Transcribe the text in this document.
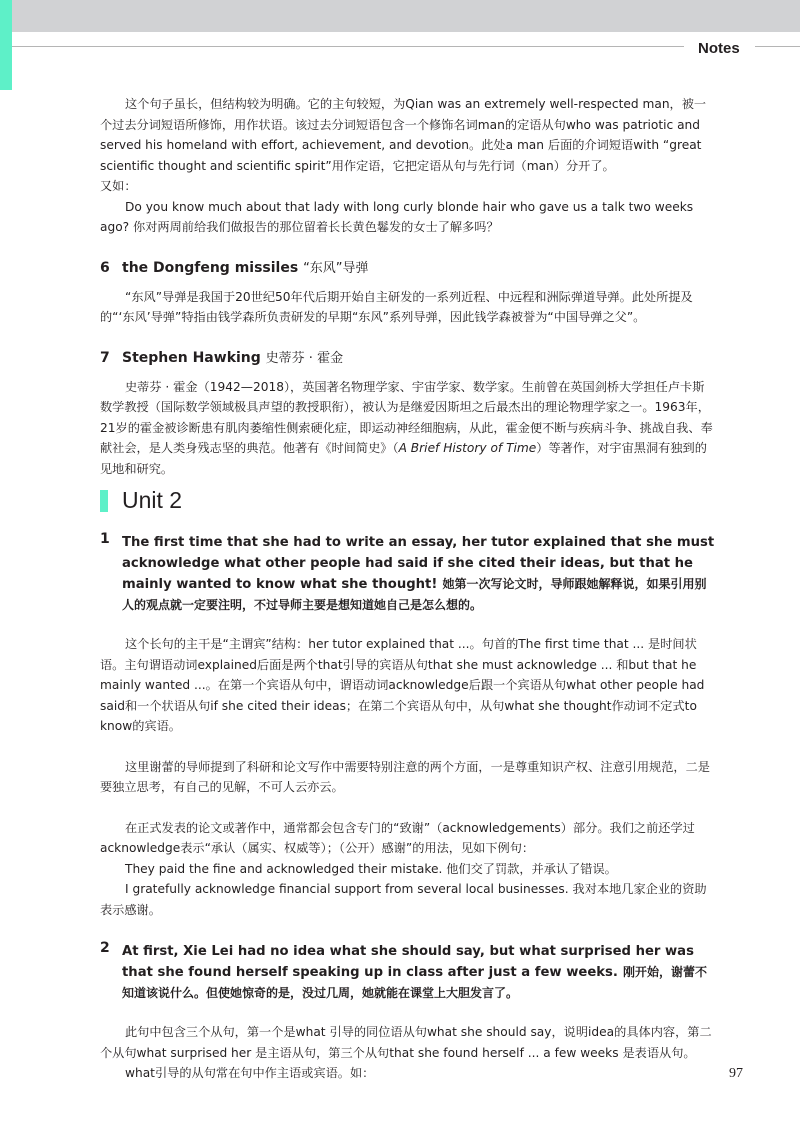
Notes

这个句子虽长，但结构较为明确。它的主句较短，为Qian was an extremely well-respected man，被一个过去分词短语所修饰，用作状语。该过去分词短语包含一个修饰名词man的定语从句who was patriotic and served his homeland with effort, achievement, and devotion。此处a man 后面的介词短语with “great scientific thought and scientific spirit”用作定语，它把定语从句与先行词（man）分开了。

又如：

Do you know much about that lady with long curly blonde hair who gave us a talk two weeks ago? 你对两周前给我们做报告的那位留着长长黄色鬈发的女士了解多吗？

6 the Dongfeng missiles “东风”导弹

“东风”导弹是我国于20世纪50年代后期开始自主研发的一系列近程、中远程和洲际弹道导弹。此处所提及的“‘东风’导弹”特指由钱学森所负责研发的早期“东风”系列导弹，因此钱学森被誉为“中国导弹之父”。

7 Stephen Hawking 史蒂芬 · 霍金

史蒂芬 · 霍金（1942—2018），英国著名物理学家、宇宙学家、数学家。生前曾在英国剑桥大学担任卢卡斯数学教授（国际数学领域极具声望的教授职衔），被认为是继爱因斯坦之后最杰出的理论物理学家之一。1963年，21岁的霍金被诊断患有肌肉萎缩性侧索硬化症，即运动神经细胞病，从此，霍金便不断与疾病斗争、挑战自我、奉献社会，是人类身残志坚的典范。他著有《时间简史》（A Brief History of Time）等著作，对宇宙黑洞有独到的见地和研究。

Unit 2
1 The first time that she had to write an essay, her tutor explained that she must acknowledge what other people had said if she cited their ideas, but that he mainly wanted to know what she thought! 她第一次写论文时，导师跟她解释说，如果引用别人的观点就一定要注明，不过导师主要是想知道她自己是怎么想的。

这个长句的主干是“主谓宾”结构：her tutor explained that ...。句首的The first time that ... 是时间状语。主句谓语动词explained后面是两个that引导的宾语从句that she must acknowledge ... 和but that he mainly wanted ...。在第一个宾语从句中，谓语动词acknowledge后跟一个宾语从句what other people had said和一个状语从句if she cited their ideas；在第二个宾语从句中，从句what she thought作动词不定式to know的宾语。

这里谢蕾的导师提到了科研和论文写作中需要特别注意的两个方面，一是尊重知识产权、注意引用规范，二是要独立思考，有自己的见解，不可人云亦云。

在正式发表的论文或著作中，通常都会包含专门的“致谢”（acknowledgements）部分。我们之前还学过acknowledge表示“承认（属实、权威等）；（公开）感谢”的用法，见如下例句：

They paid the fine and acknowledged their mistake. 他们交了罚款，并承认了错误。

I gratefully acknowledge financial support from several local businesses. 我对本地几家企业的资助表示感谢。

2 At first, Xie Lei had no idea what she should say, but what surprised her was that she found herself speaking up in class after just a few weeks. 刚开始，谢蕾不知道该说什么。但使她惊奇的是，没过几周，她就能在课堂上大胆发言了。

此句中包含三个从句，第一个是what 引导的同位语从句what she should say，说明idea的具体内容，第二个从句what surprised her 是主语从句，第三个从句that she found herself ... a few weeks 是表语从句。

what引导的从句常在句中作主语或宾语。如：	97
